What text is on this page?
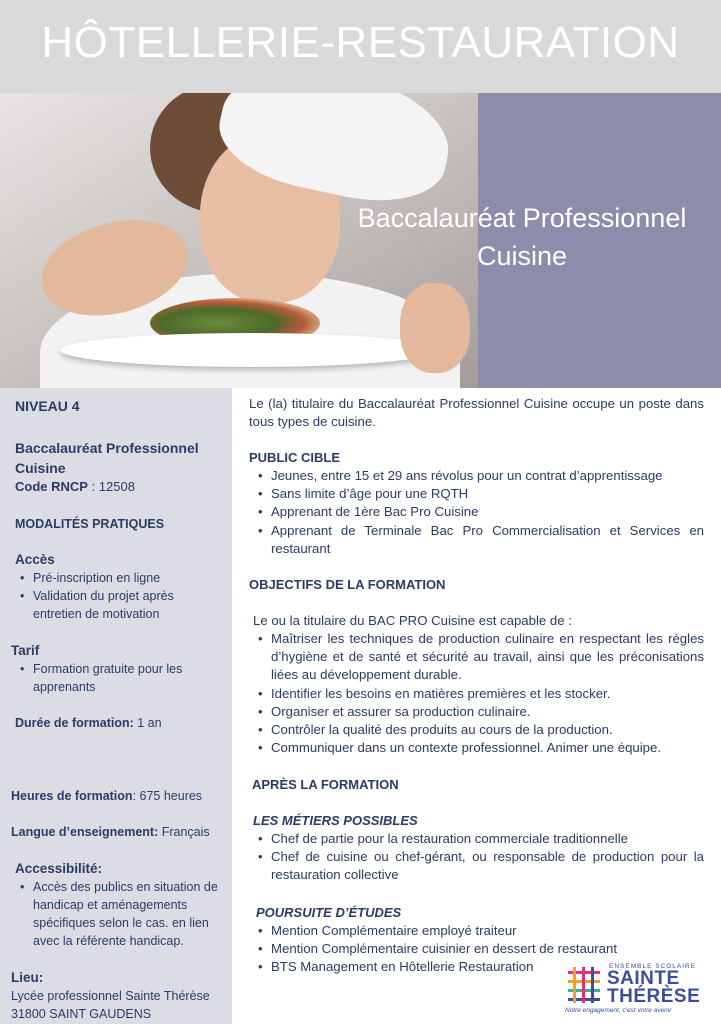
HÔTELLERIE-RESTAURATION
Baccalauréat Professionnel
Cuisine
NIVEAU 4
Baccalauréat Professionnel
Cuisine
Code RNCP : 12508
MODALITÉS PRATIQUES
Accès
• Pré-inscription en ligne
• Validation du projet après entretien de motivation
Tarif
• Formation gratuite pour les apprenants
Durée de formation: 1 an
Heures de formation: 675 heures
Langue d’enseignement: Français
Accessibilité:
• Accès des publics en situation de handicap et aménagements spécifiques selon le cas. en lien avec la référente handicap.
Lieu:
Lycée professionnel Sainte Thérèse
31800 SAINT GAUDENS
Le (la) titulaire du Baccalauréat Professionnel Cuisine occupe un poste dans tous types de cuisine.
PUBLIC CIBLE
• Jeunes, entre 15 et 29 ans révolus pour un contrat d’apprentissage
• Sans limite d’âge pour une RQTH
• Apprenant de 1ère Bac Pro Cuisine
• Apprenant de Terminale Bac Pro Commercialisation et Services en restaurant
OBJECTIFS DE LA FORMATION
Le ou la titulaire du BAC PRO Cuisine est capable de :
• Maîtriser les techniques de production culinaire en respectant les règles d’hygiène et de santé et sécurité au travail, ainsi que les préconisations liées au développement durable.
• Identifier les besoins en matières premières et les stocker.
• Organiser et assurer sa production culinaire.
• Contrôler la qualité des produits au cours de la production.
• Communiquer dans un contexte professionnel. Animer une équipe.
APRÈS LA FORMATION
LES MÉTIERS POSSIBLES
• Chef de partie pour la restauration commerciale traditionnelle
• Chef de cuisine ou chef-gérant, ou responsable de production pour la restauration collective
POURSUITE D’ÉTUDES
• Mention Complémentaire employé traiteur
• Mention Complémentaire cuisinier en dessert de restaurant
• BTS Management en Hôtellerie Restauration	ENSEMBLE SCOLAIRE
SAINTE
THÉRÈSE
Notre engagement, c'est votre avenir
